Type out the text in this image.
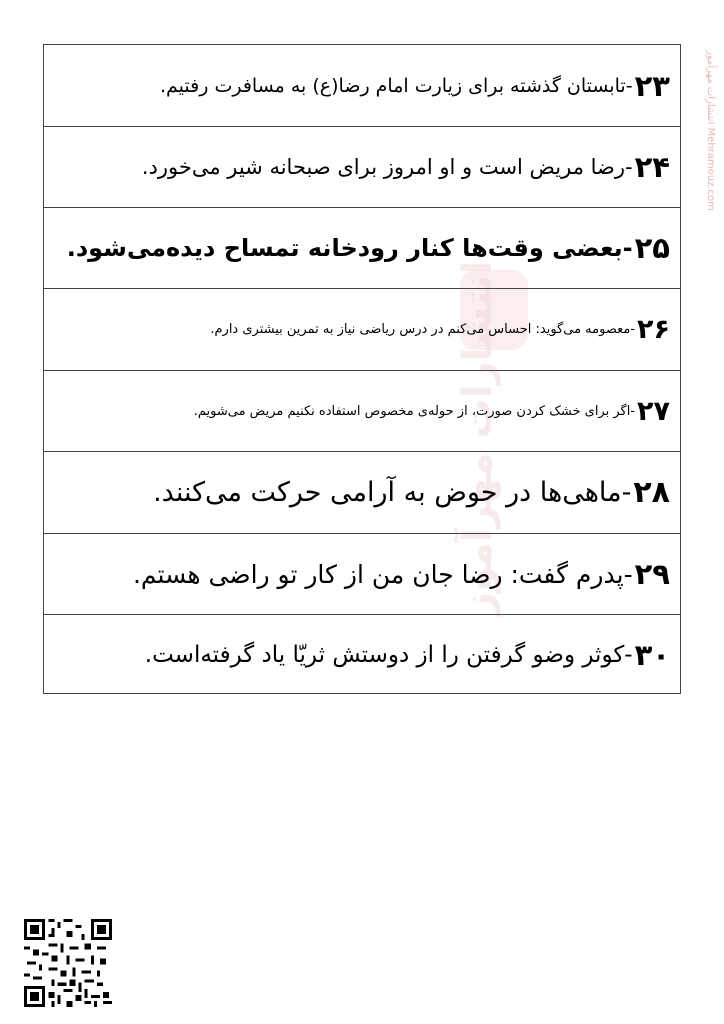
انتشارات مهرآموز
انتشارات مهرآموز Mehramouz.com
۲۳
-تابستان گذشته برای زیارت امام رضا(ع) به مسافرت رفتیم.
۲۴
-رضا مریض است و او امروز برای صبحانه شیر می‌خورد.
۲۵
-بعضی وقت‌ها کنار رودخانه تمساح دیده‌می‌شود.
۲۶
-معصومه می‌گوید: احساس می‌کنم در درس ریاضی نیاز به تمرین بیشتری دارم.
۲۷
-اگر برای خشک کردن صورت، از حوله‌ی مخصوص استفاده نکنیم مریض می‌شویم.
۲۸
-ماهی‌ها در حوض به آرامی حرکت می‌کنند.
۲۹
-پدرم گفت: رضا جان من از کار تو راضی هستم.
۳۰
-کوثر وضو گرفتن را از دوستش ثریّا یاد گرفته‌است.
